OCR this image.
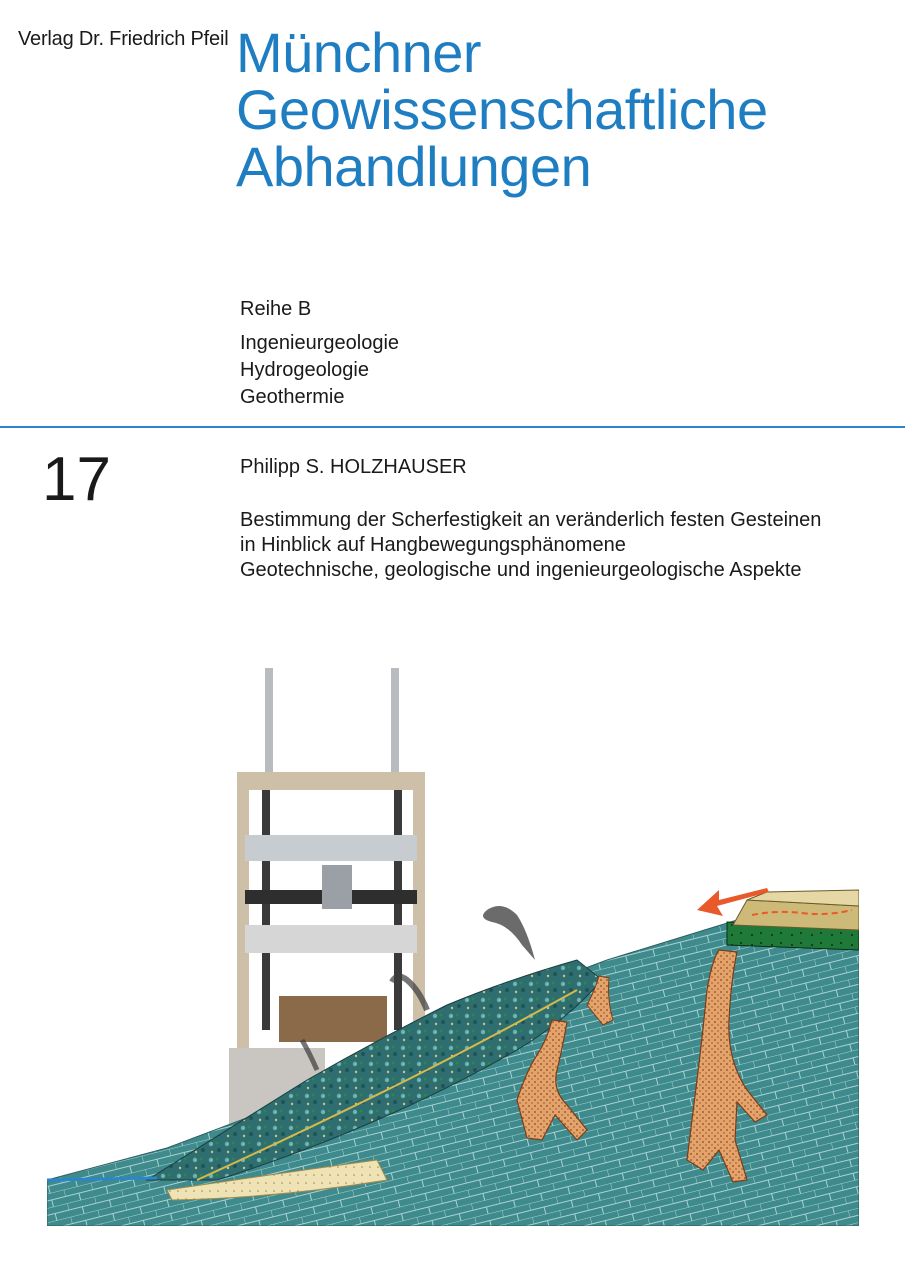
Verlag Dr. Friedrich Pfeil Münchner
Geowissenschaftliche
Abhandlungen
Reihe B
Ingenieurgeologie
Hydrogeologie
Geothermie
17	Philipp S. HOLZHAUSER
Bestimmung der Scherfestigkeit an veränderlich festen Gesteinen
in Hinblick auf Hangbewegungsphänomene
Geotechnische, geologische und ingenieurgeologische Aspekte
